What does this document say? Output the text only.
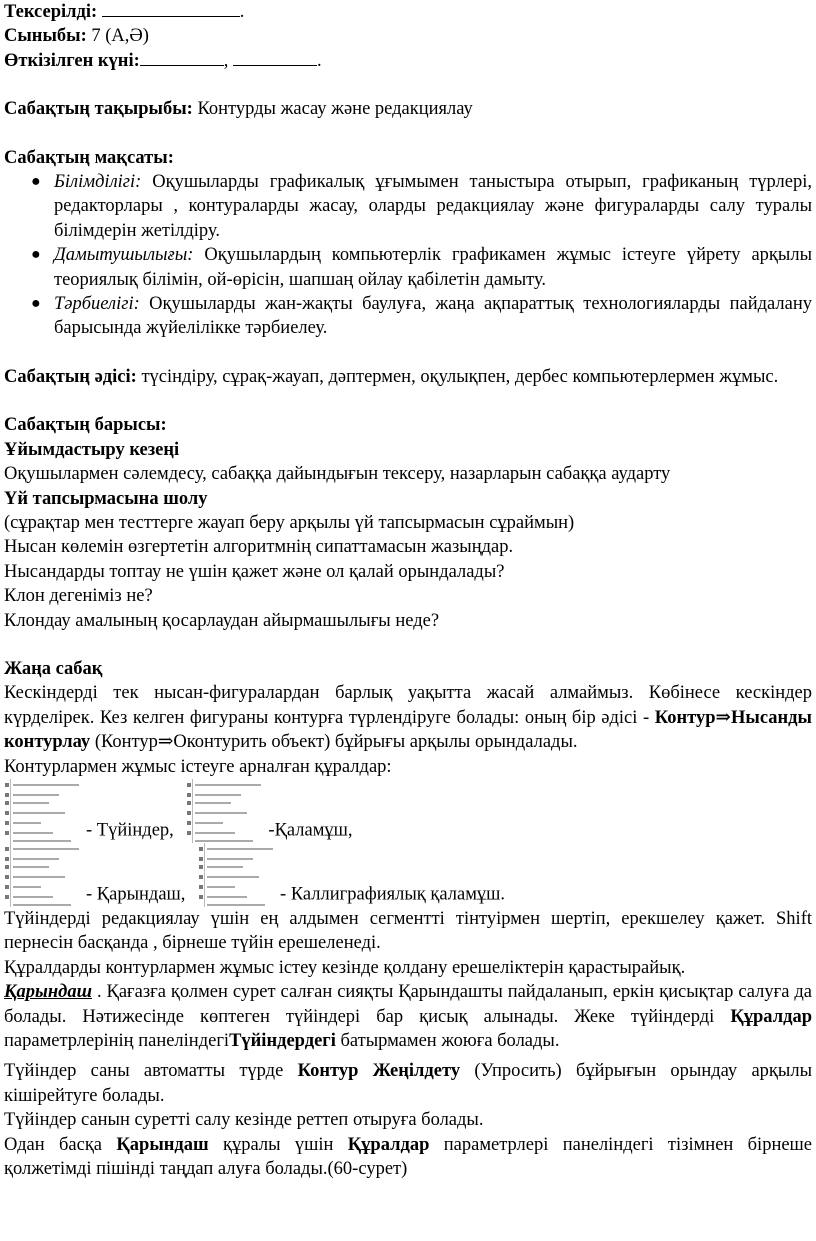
Тексерілді:	.

Сыныбы: 7 (А,Ә)

Өткізілген күні:	,	.

Сабақтың тақырыбы: Контурды жасау және редакциялау

Сабақтың мақсаты:

● Білімділігі: Оқушыларды графикалық ұғымымен таныстыра отырып, графиканың түрлері, редакторлары , контураларды жасау, оларды редакциялау және фигураларды салу туралы білімдерін жетілдіру.
● Дамытушылығы: Оқушылардың компьютерлік графикамен жұмыс істеуге үйрету арқылы теориялық білімін, ой-өрісін, шапшаң ойлау қабілетін дамыту.
● Тәрбиелігі: Оқушыларды жан-жақты баулуға, жаңа ақпараттық технологияларды пайдалану барысында жүйелілікке тәрбиелеу.

Сабақтың әдісі: түсіндіру, сұрақ-жауап, дәптермен, оқулықпен, дербес компьютерлермен жұмыс.

Сабақтың барысы:

Ұйымдастыру кезеңі

Оқушылармен сәлемдесу, сабаққа дайындығын тексеру, назарларын сабаққа аударту

Үй тапсырмасына шолу

(сұрақтар мен тесттерге жауап беру арқылы үй тапсырмасын сұраймын)

Нысан көлемін өзгертетін алгоритмнің сипаттамасын жазыңдар.

Нысандарды топтау не үшін қажет және ол қалай орындалады?

Клон дегеніміз не?

Клондау амалының қосарлаудан айырмашылығы неде?

Жаңа сабақ

Кескіндерді тек нысан-фигуралардан барлық уақытта жасай алмаймыз. Көбінесе кескіндер күрделірек. Кез келген фигураны контурға түрлендіруге болады: оның бір әдісі - Контур⇒Нысанды контурлау (Контур⇒Оконтурить объект) бұйрығы арқылы орындалады.

Контурлармен жұмыс істеуге арналған құралдар:

- Түйіндер,	-Қаламұш,

- Қарындаш,	- Каллиграфиялық қаламұш.

Түйіндерді редакциялау үшін ең алдымен сегментті тінтуірмен шертіп, ерекшелеу қажет. Shift пернесін басқанда , бірнеше түйін ерешеленеді.

Құралдарды контурлармен жұмыс істеу кезінде қолдану ерешеліктерін қарастырайық.

Қарындаш . Қағазға қолмен сурет салған сияқты Қарындашты пайдаланып, еркін қисықтар салуға да болады. Нәтижесінде көптеген түйіндері бар қисық алынады. Жеке түйіндерді Құралдар параметрлерінің панеліндегіТүйіндердегі батырмамен жоюға болады.

Түйіндер саны автоматты түрде Контур Жеңілдету (Упросить) бұйрығын орындау арқылы кішірейтуге болады.

Түйіндер санын суретті салу кезінде реттеп отыруға болады.

Одан басқа Қарындаш құралы үшін Құралдар параметрлері панеліндегі тізімнен бірнеше қолжетімді пішінді таңдап алуға болады.(60-сурет)
